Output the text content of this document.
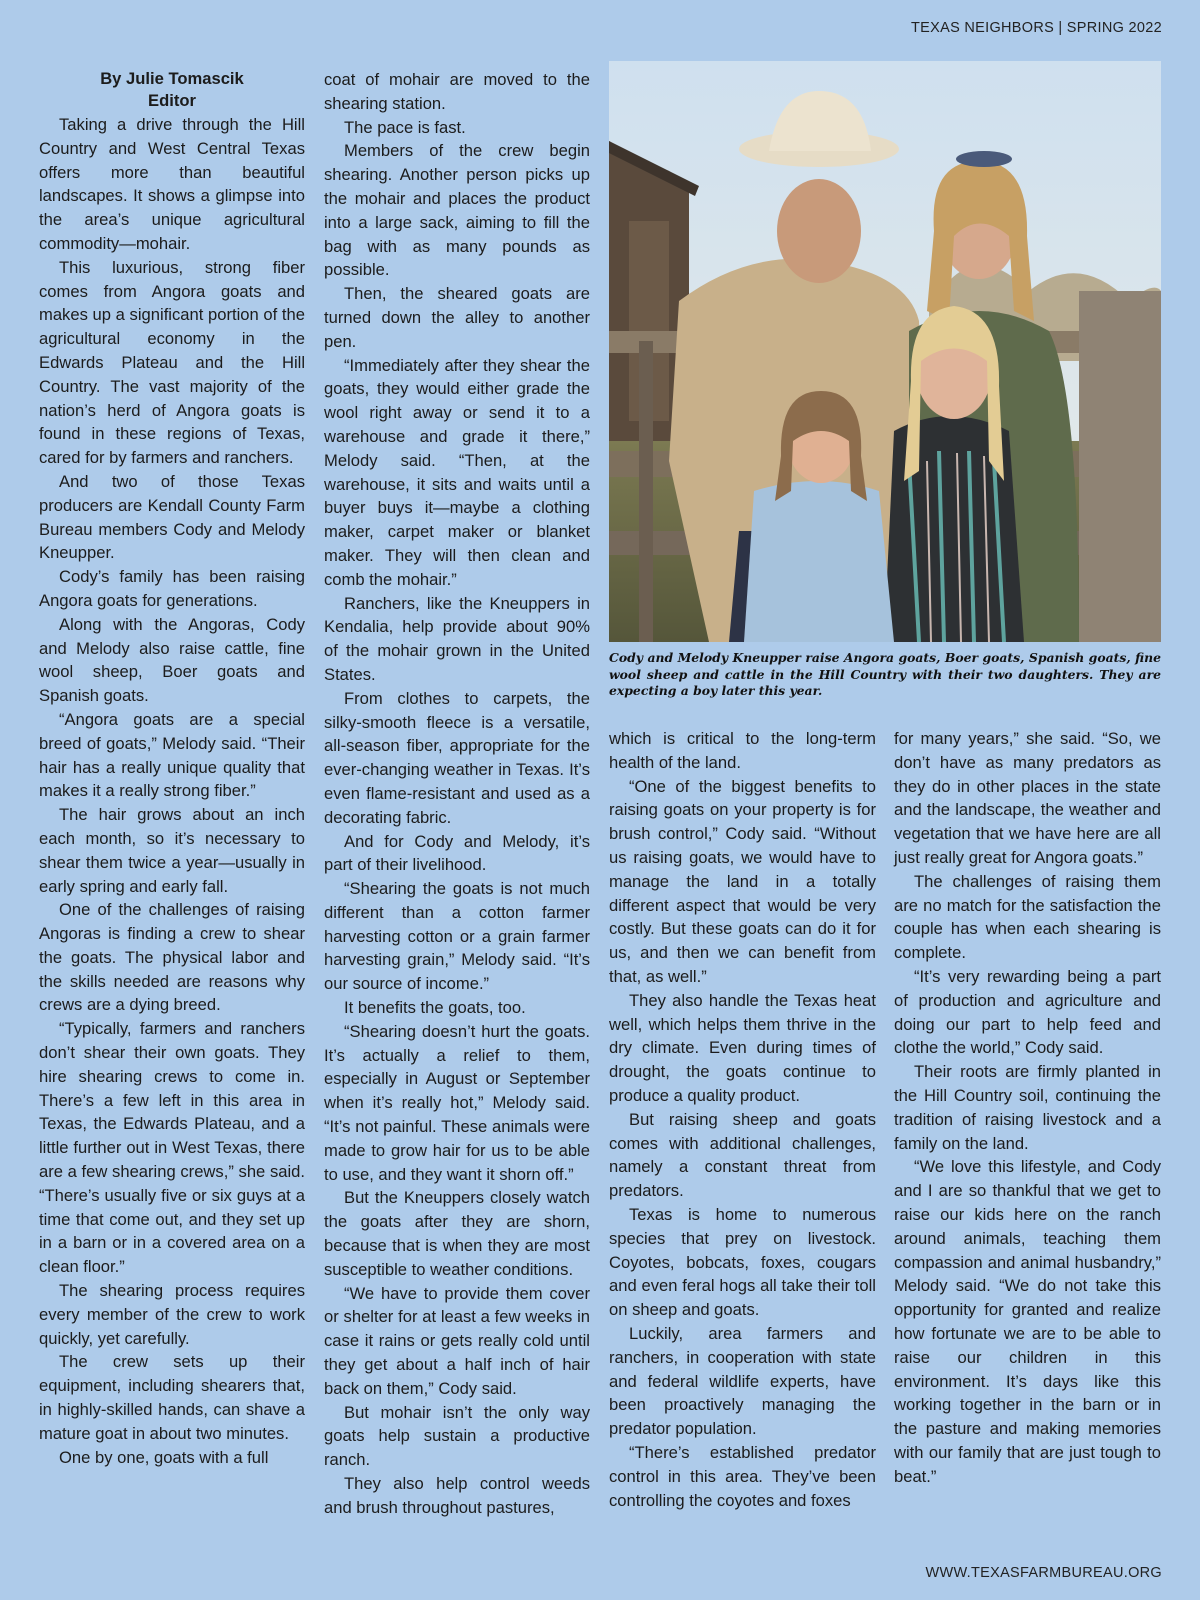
TEXAS NEIGHBORS | SPRING 2022
By Julie Tomascik
Editor

Taking a drive through the Hill Country and West Central Texas offers more than beautiful landscapes. It shows a glimpse into the area’s unique agricultural commodity—mohair.

This luxurious, strong fiber comes from Angora goats and makes up a significant portion of the agricultural economy in the Edwards Plateau and the Hill Country. The vast majority of the nation’s herd of Angora goats is found in these regions of Texas, cared for by farmers and ranchers.

And two of those Texas producers are Kendall County Farm Bureau members Cody and Melody Kneupper.

Cody’s family has been raising Angora goats for generations.

Along with the Angoras, Cody and Melody also raise cattle, fine wool sheep, Boer goats and Spanish goats.

“Angora goats are a special breed of goats,” Melody said. “Their hair has a really unique quality that makes it a really strong fiber.”

The hair grows about an inch each month, so it’s necessary to shear them twice a year—usually in early spring and early fall.

One of the challenges of raising Angoras is finding a crew to shear the goats. The physical labor and the skills needed are reasons why crews are a dying breed.

“Typically, farmers and ranchers don’t shear their own goats. They hire shearing crews to come in. There’s a few left in this area in Texas, the Edwards Plateau, and a little further out in West Texas, there are a few shearing crews,” she said. “There’s usually five or six guys at a time that come out, and they set up in a barn or in a covered area on a clean floor.”

The shearing process requires every member of the crew to work quickly, yet carefully.

The crew sets up their equipment, including shearers that, in highly-skilled hands, can shave a mature goat in about two minutes.

One by one, goats with a full

coat of mohair are moved to the shearing station.

The pace is fast.

Members of the crew begin shearing. Another person picks up the mohair and places the product into a large sack, aiming to fill the bag with as many pounds as possible.

Then, the sheared goats are turned down the alley to another pen.

“Immediately after they shear the goats, they would either grade the wool right away or send it to a warehouse and grade it there,” Melody said. “Then, at the warehouse, it sits and waits until a buyer buys it—maybe a clothing maker, carpet maker or blanket maker. They will then clean and comb the mohair.”

Ranchers, like the Kneuppers in Kendalia, help provide about 90% of the mohair grown in the United States.

From clothes to carpets, the silky-smooth fleece is a versatile, all-season fiber, appropriate for the ever-changing weather in Texas. It’s even flame-resistant and used as a decorating fabric.

And for Cody and Melody, it’s part of their livelihood.

“Shearing the goats is not much different than a cotton farmer harvesting cotton or a grain farmer harvesting grain,” Melody said. “It’s our source of income.”

It benefits the goats, too.

“Shearing doesn’t hurt the goats. It’s actually a relief to them, especially in August or September when it’s really hot,” Melody said. “It’s not painful. These animals were made to grow hair for us to be able to use, and they want it shorn off.”

But the Kneuppers closely watch the goats after they are shorn, because that is when they are most susceptible to weather conditions.

“We have to provide them cover or shelter for at least a few weeks in case it rains or gets really cold until they get about a half inch of hair back on them,” Cody said.

But mohair isn’t the only way goats help sustain a productive ranch.

They also help control weeds and brush throughout pastures,

Cody and Melody Kneupper raise Angora goats, Boer goats, Spanish goats, fine wool sheep and cattle in the Hill Country with their two daughters. They are expecting a boy later this year.

which is critical to the long-term health of the land.

“One of the biggest benefits to raising goats on your property is for brush control,” Cody said. “Without us raising goats, we would have to manage the land in a totally different aspect that would be very costly. But these goats can do it for us, and then we can benefit from that, as well.”

They also handle the Texas heat well, which helps them thrive in the dry climate. Even during times of drought, the goats continue to produce a quality product.

But raising sheep and goats comes with additional challenges, namely a constant threat from predators.

Texas is home to numerous species that prey on livestock. Coyotes, bobcats, foxes, cougars and even feral hogs all take their toll on sheep and goats.

Luckily, area farmers and ranchers, in cooperation with state and federal wildlife experts, have been proactively managing the predator population.

“There’s established predator control in this area. They’ve been controlling the coyotes and foxes

for many years,” she said. “So, we don’t have as many predators as they do in other places in the state and the landscape, the weather and vegetation that we have here are all just really great for Angora goats.”

The challenges of raising them are no match for the satisfaction the couple has when each shearing is complete.

“It’s very rewarding being a part of production and agriculture and doing our part to help feed and clothe the world,” Cody said.

Their roots are firmly planted in the Hill Country soil, continuing the tradition of raising livestock and a family on the land.

“We love this lifestyle, and Cody and I are so thankful that we get to raise our kids here on the ranch around animals, teaching them compassion and animal husbandry,” Melody said. “We do not take this opportunity for granted and realize how fortunate we are to be able to raise our children in this environment. It’s days like this working together in the barn or in the pasture and making memories with our family that are just tough to beat.”

WWW.TEXASFARMBUREAU.ORG
